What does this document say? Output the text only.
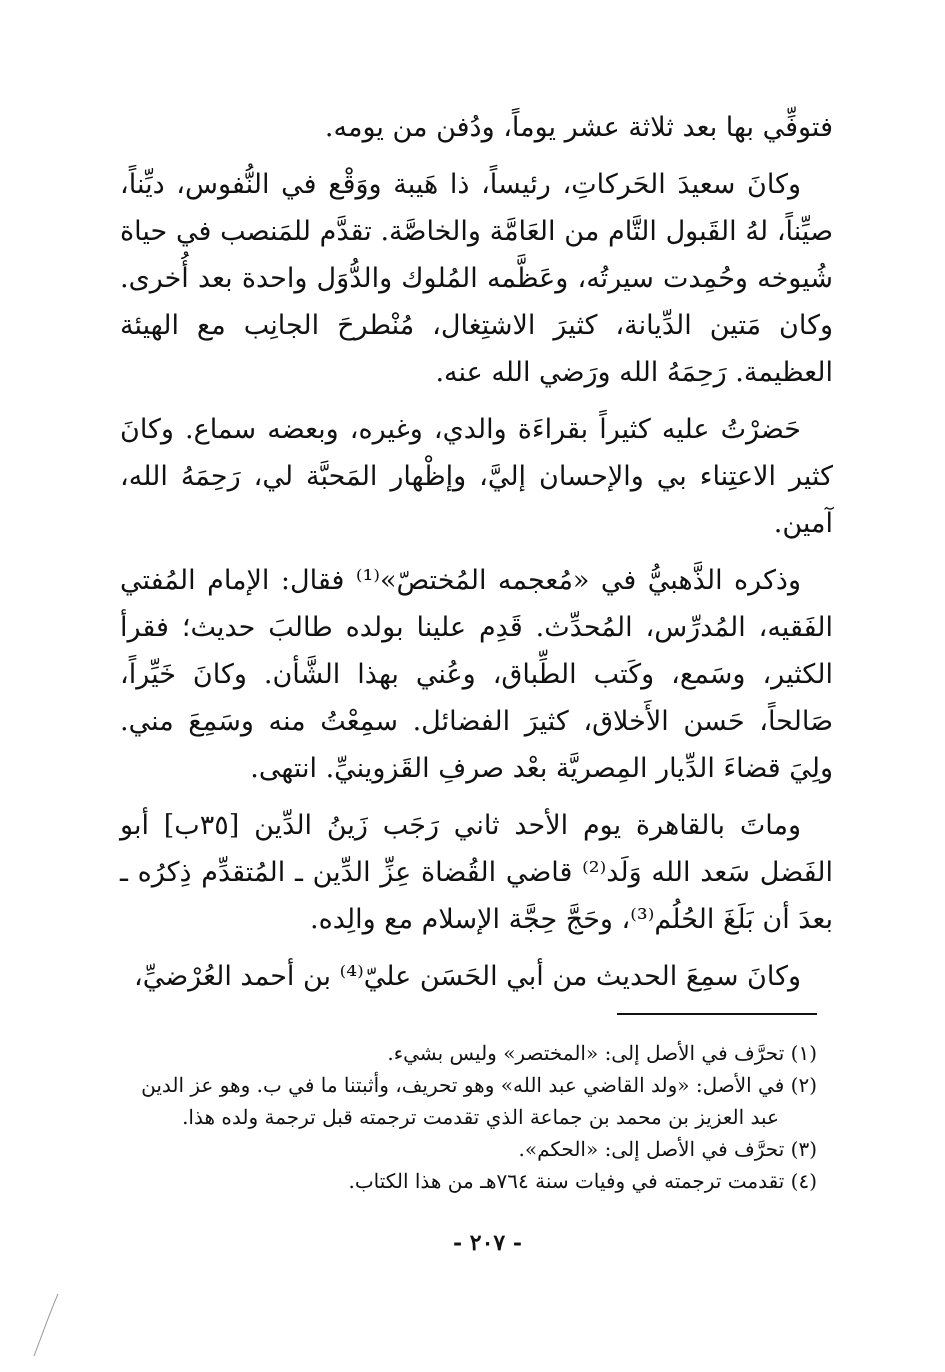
فتوفِّي بها بعد ثلاثة عشر يوماً، ودُفن من يومه.

وكانَ سعيدَ الحَركاتِ، رئيساً، ذا هَيبة ووَقْع في النُّفوس، ديِّناً، صيِّناً، لهُ القَبول التَّام من العَامَّة والخاصَّة. تقدَّم للمَنصب في حياة شُيوخه وحُمِدت سيرتُه، وعَظَّمه المُلوك والدُّوَل واحدة بعد أُخرى. وكان مَتين الدِّيانة، كثيرَ الاشتِغال، مُنْطرحَ الجانِب مع الهيئة العظيمة. رَحِمَهُ الله ورَضي الله عنه.

حَضرْتُ عليه كثيراً بقراءَة والدي، وغيره، وبعضه سماع. وكانَ كثير الاعتِناء بي والإحسان إليَّ، وإظْهار المَحبَّة لي، رَحِمَهُ الله، آمين.

وذكره الذَّهبيُّ في «مُعجمه المُختصّ»⁽¹⁾ فقال: الإمام المُفتي الفَقيه، المُدرِّس، المُحدِّث. قَدِم علينا بولده طالبَ حديث؛ فقرأ الكثير، وسَمع، وكَتب الطِّباق، وعُني بهذا الشَّأن. وكانَ خَيِّراً، صَالحاً، حَسن الأَخلاق، كثيرَ الفضائل. سمِعْتُ منه وسَمِعَ مني. ولِيَ قضاءَ الدِّيار المِصريَّة بعْد صرفِ القَزوينيِّ. انتهى.

وماتَ بالقاهرة يوم الأحد ثاني رَجَب زَينُ الدِّين [٣٥ب] أبو الفَضل سَعد الله وَلَد⁽²⁾ قاضي القُضاة عِزِّ الدِّين ـ المُتقدِّم ذِكرُه ـ بعدَ أن بَلَغَ الحُلُم⁽³⁾، وحَجَّ حِجَّة الإسلام مع والِده.

وكانَ سمِعَ الحديث من أبي الحَسَن عليّ⁽⁴⁾ بن أحمد العُرْضيِّ،

(١) تحرَّف في الأصل إلى: «المختصر» وليس بشيء.

(٢) في الأصل: «ولد القاضي عبد الله» وهو تحريف، وأثبتنا ما في ب. وهو عز الدين

عبد العزيز بن محمد بن جماعة الذي تقدمت ترجمته قبل ترجمة ولده هذا.

(٣) تحرَّف في الأصل إلى: «الحكم».

(٤) تقدمت ترجمته في وفيات سنة ٧٦٤هـ من هذا الكتاب.

- ٢٠٧ -
